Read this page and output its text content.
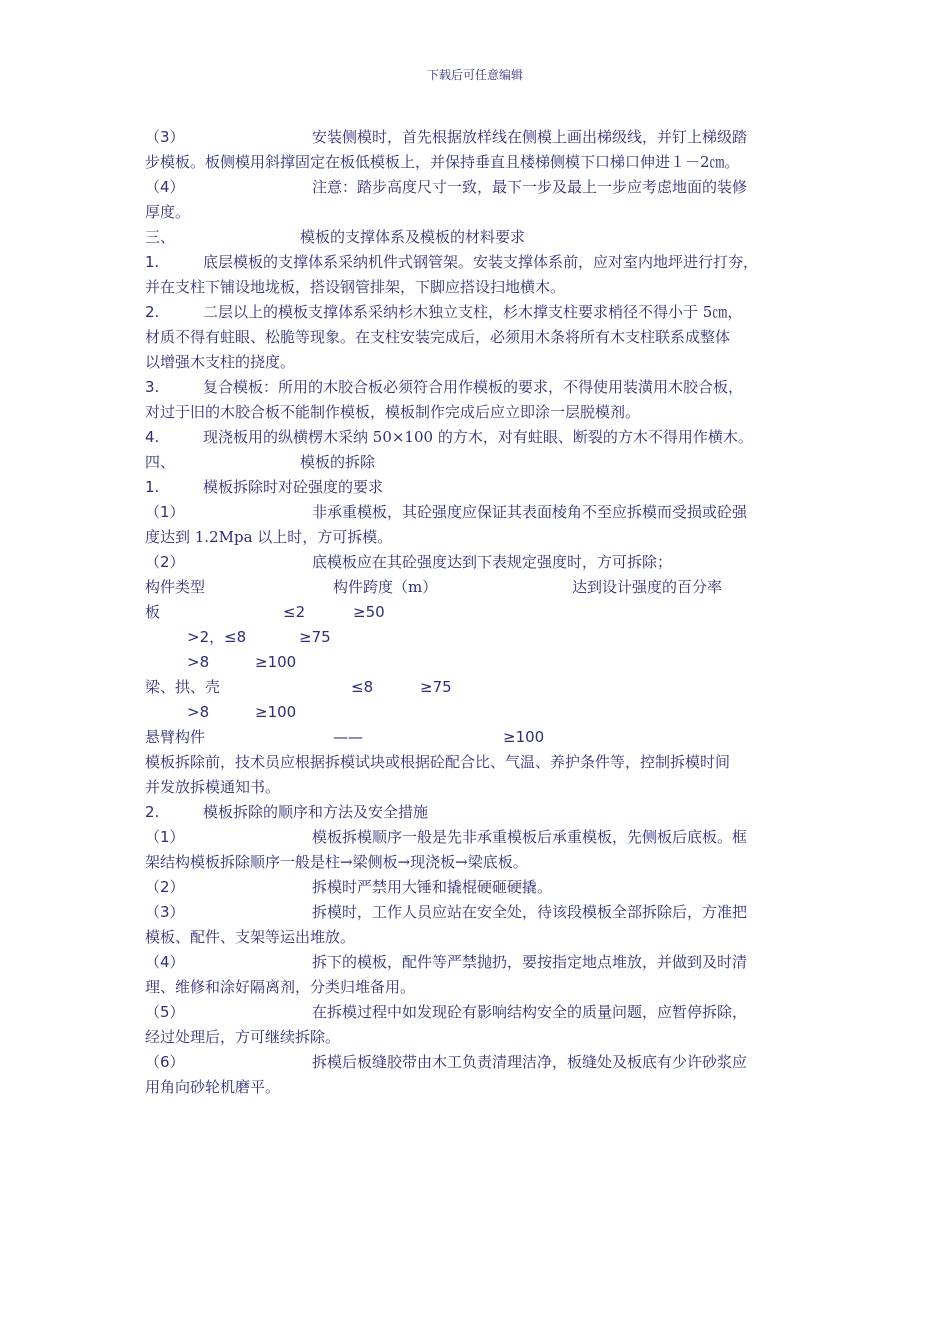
下载后可任意编辑
（3）	安装侧模时，首先根据放样线在侧模上画出梯级线，并钉上梯级踏
步模板。板侧模用斜撑固定在板低模板上，并保持垂直且楼梯侧模下口梯口伸进１－2㎝。
（4）	注意：踏步高度尺寸一致，最下一步及最上一步应考虑地面的装修
厚度。
三、	模板的支撑体系及模板的材料要求
1.	底层模板的支撑体系采纳机件式钢管架。安装支撑体系前，应对室内地坪进行打夯，
并在支柱下铺设地垅板，搭设钢管排架，下脚应搭设扫地横木。
2.	二层以上的模板支撑体系采纳杉木独立支柱，杉木撑支柱要求梢径不得小于 5㎝，
材质不得有蛀眼、松脆等现象。在支柱安装完成后，必须用木条将所有木支柱联系成整体
以增强木支柱的挠度。
3.	复合模板：所用的木胶合板必须符合用作模板的要求，不得使用装潢用木胶合板，
对过于旧的木胶合板不能制作模板，模板制作完成后应立即涂一层脱模剂。
4.	现浇板用的纵横楞木采纳 50×100 的方木，对有蛀眼、断裂的方木不得用作横木。
四、	模板的拆除
1.	模板拆除时对砼强度的要求
（1）	非承重模板，其砼强度应保证其表面棱角不至应拆模而受损或砼强
度达到 1.2Mpa 以上时，方可拆模。
（2）	底模板应在其砼强度达到下表规定强度时，方可拆除；
构件类型	构件跨度（m）	达到设计强度的百分率
板	≤2	≥50
>2，≤8	≥75
>8	≥100
梁、拱、壳	≤8	≥75
>8	≥100
悬臂构件	——	≥100
模板拆除前，技术员应根据拆模试块或根据砼配合比、气温、养护条件等，控制拆模时间
并发放拆模通知书。
2.	模板拆除的顺序和方法及安全措施
（1）	模板拆模顺序一般是先非承重模板后承重模板，先侧板后底板。框
架结构模板拆除顺序一般是柱→梁侧板→现浇板→梁底板。
（2）	拆模时严禁用大锤和撬棍硬砸硬撬。
（3）	拆模时，工作人员应站在安全处，待该段模板全部拆除后，方准把
模板、配件、支架等运出堆放。
（4）	拆下的模板，配件等严禁抛扔，要按指定地点堆放，并做到及时清
理、维修和涂好隔离剂，分类归堆备用。
（5）	在拆模过程中如发现砼有影响结构安全的质量问题，应暂停拆除，
经过处理后，方可继续拆除。
（6）	拆模后板缝胶带由木工负责清理洁净，板缝处及板底有少许砂浆应
用角向砂轮机磨平。
